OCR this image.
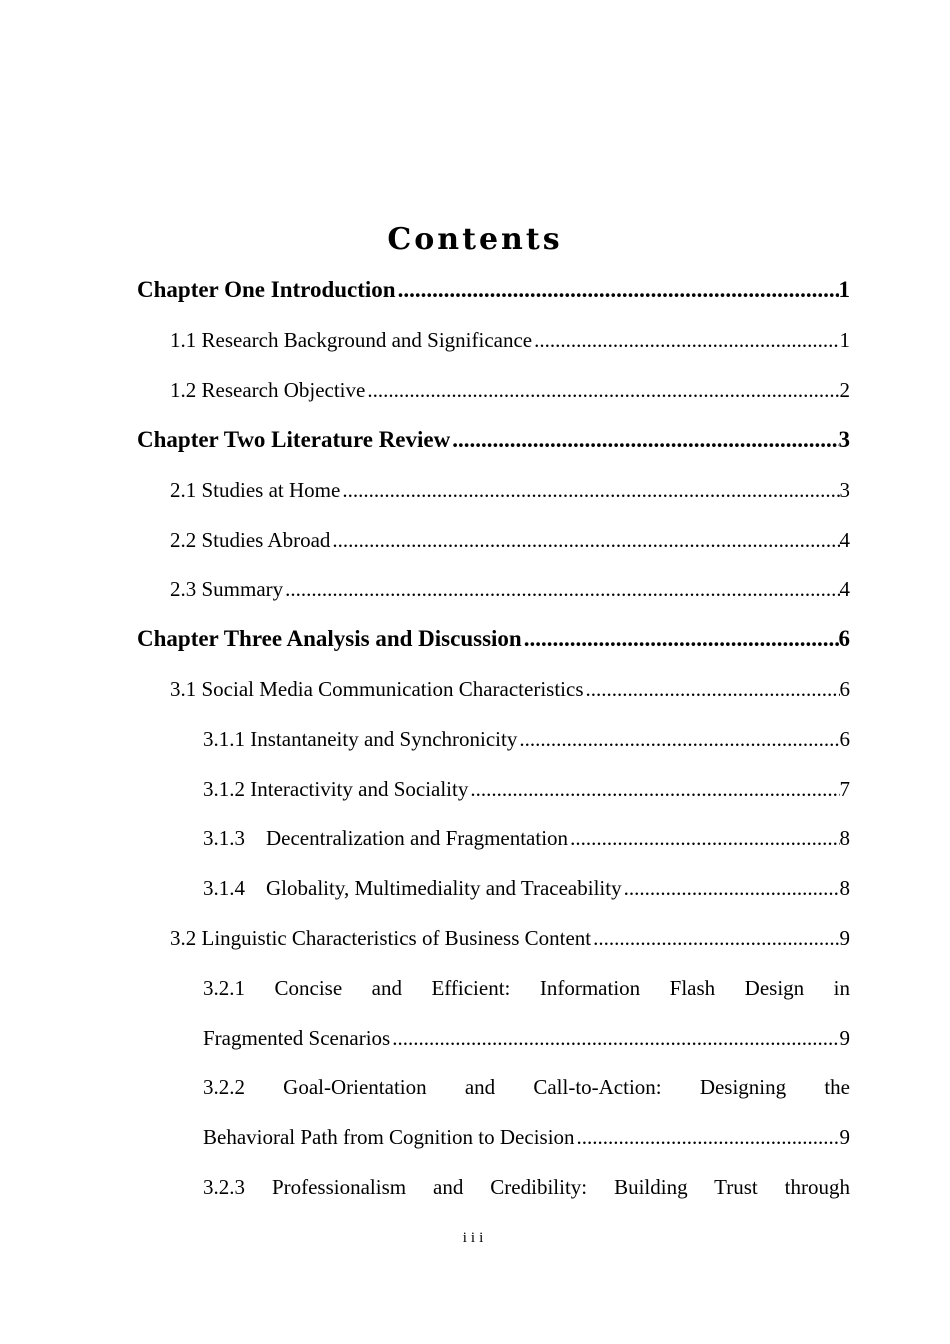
Contents
Chapter One Introduction .....	1
1.1 Research Background and Significance .....	1
1.2 Research Objective .....	2
Chapter Two Literature Review .....	3
2.1 Studies at Home .....	3
2.2 Studies Abroad .....	4
2.3 Summary .....	4
Chapter Three Analysis and Discussion .....	6
3.1 Social Media Communication Characteristics .....	6
3.1.1 Instantaneity and Synchronicity .....	6
3.1.2 Interactivity and Sociality .....	7
3.1.3 Decentralization and Fragmentation .....	8
3.1.4 Globality, Multimediality and Traceability .....	8
3.2 Linguistic Characteristics of Business Content .....	9
3.2.1 Concise and Efficient: Information Flash Design in
Fragmented Scenarios .....	9
3.2.2 Goal-Orientation and Call-to-Action: Designing the
Behavioral Path from Cognition to Decision .....	9
3.2.3 Professionalism and Credibility: Building Trust through
iii
